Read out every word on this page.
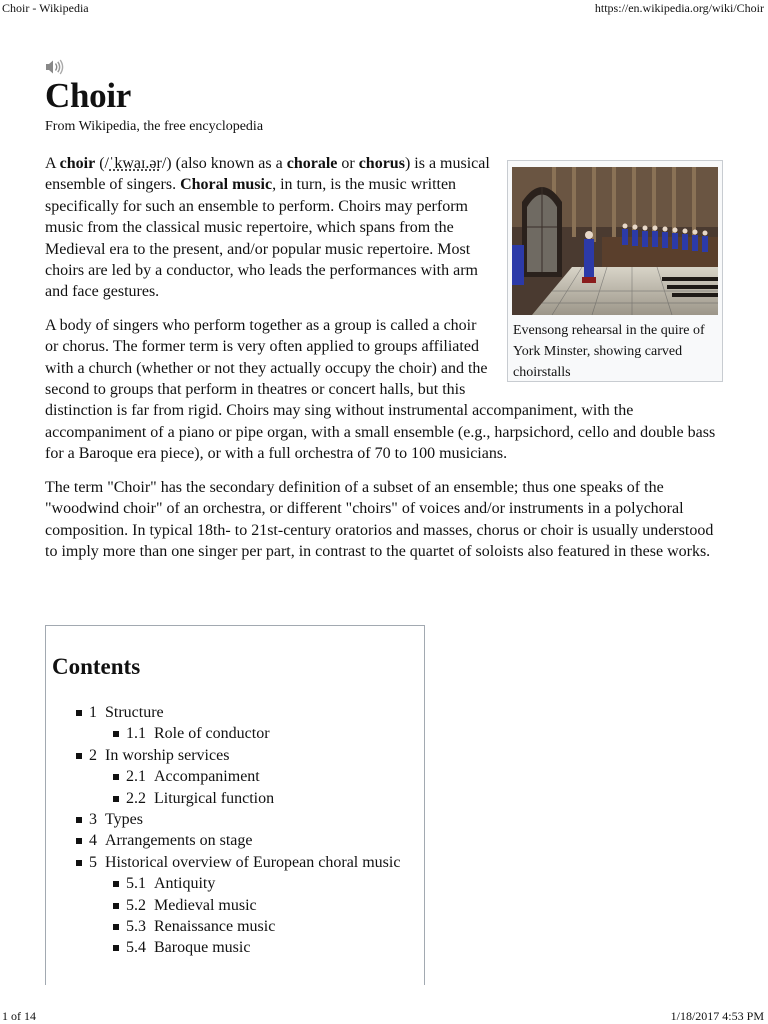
Choir - Wikipedia	https://en.wikipedia.org/wiki/Choir
Choir
From Wikipedia, the free encyclopedia
Evensong rehearsal in the quire of York Minster, showing carved choirstalls

A choir (/ˈkwaɪ.ər/) (also known as a chorale or chorus) is a musical ensemble of singers. Choral music, in turn, is the music written specifically for such an ensemble to perform. Choirs may perform music from the classical music repertoire, which spans from the Medieval era to the present, and/or popular music repertoire. Most choirs are led by a conductor, who leads the performances with arm and face gestures.

A body of singers who perform together as a group is called a choir or chorus. The former term is very often applied to groups affiliated with a church (whether or not they actually occupy the choir) and the second to groups that perform in theatres or concert halls, but this distinction is far from rigid. Choirs may sing without instrumental accompaniment, with the accompaniment of a piano or pipe organ, with a small ensemble (e.g., harpsichord, cello and double bass for a Baroque era piece), or with a full orchestra of 70 to 100 musicians.

The term "Choir" has the secondary definition of a subset of an ensemble; thus one speaks of the "woodwind choir" of an orchestra, or different "choirs" of voices and/or instruments in a polychoral composition. In typical 18th- to 21st-century oratorios and masses, chorus or choir is usually understood to imply more than one singer per part, in contrast to the quartet of soloists also featured in these works.

Contents
1 Structure
1.1 Role of conductor
2 In worship services
2.1 Accompaniment
2.2 Liturgical function
3 Types
4 Arrangements on stage
5 Historical overview of European choral music
5.1 Antiquity
5.2 Medieval music
5.3 Renaissance music
5.4 Baroque music
1 of 14	1/18/2017 4:53 PM
